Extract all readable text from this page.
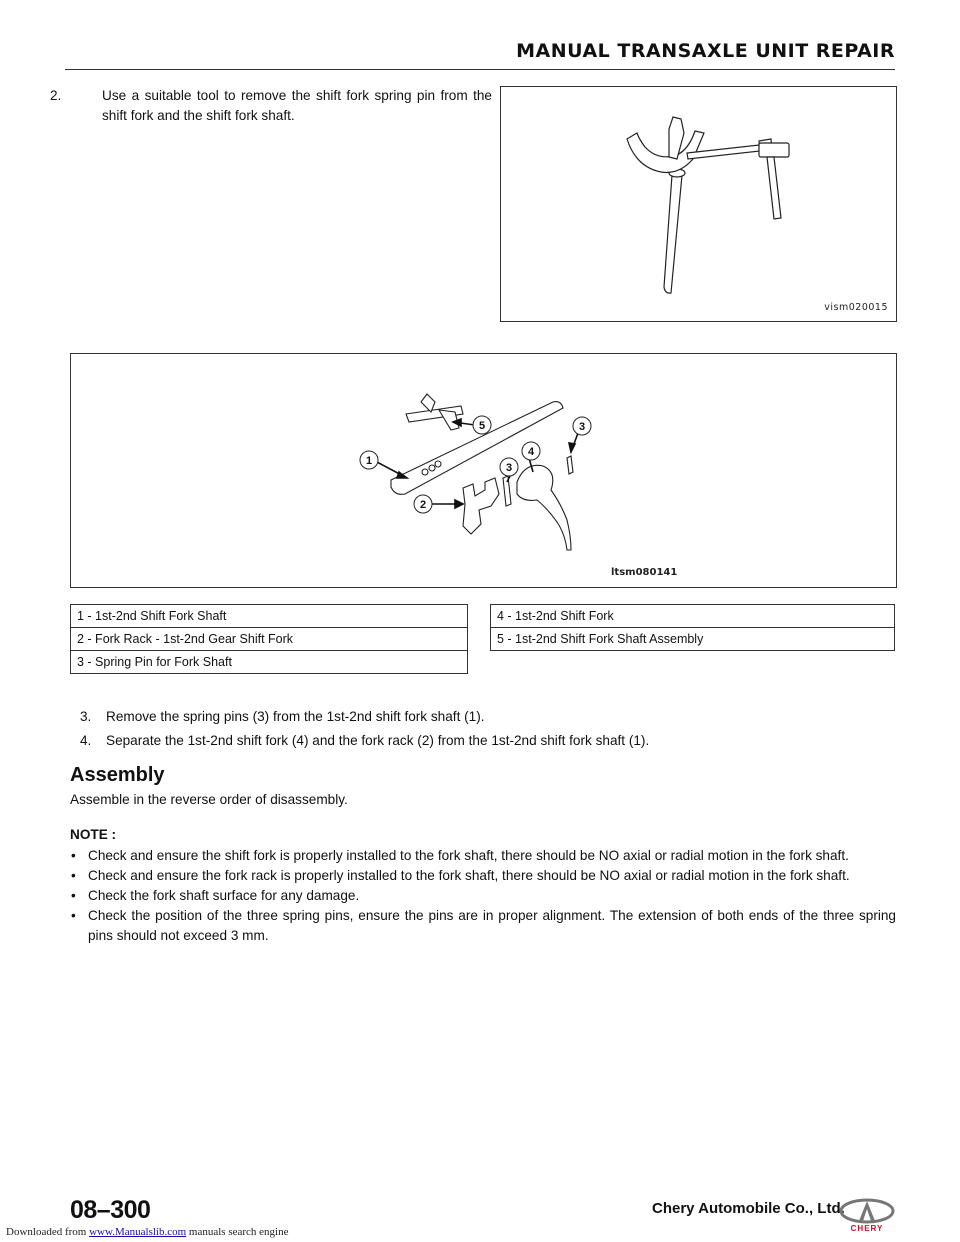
MANUAL TRANSAXLE UNIT REPAIR
2.	Use a suitable tool to remove the shift fork spring pin from the shift fork and the shift fork shaft.
vism020015
1
2
5
3
4
3
ltsm080141
1 - 1st-2nd Shift Fork Shaft
2 - Fork Rack - 1st-2nd Gear Shift Fork
3 - Spring Pin for Fork Shaft
4 - 1st-2nd Shift Fork
5 - 1st-2nd Shift Fork Shaft Assembly
3. Remove the spring pins (3) from the 1st-2nd shift fork shaft (1).
4. Separate the 1st-2nd shift fork (4) and the fork rack (2) from the 1st-2nd shift fork shaft (1).
Assembly
Assemble in the reverse order of disassembly.
NOTE :
• Check and ensure the shift fork is properly installed to the fork shaft, there should be NO axial or radial motion in the fork shaft.
• Check and ensure the fork rack is properly installed to the fork shaft, there should be NO axial or radial motion in the fork shaft.
• Check the fork shaft surface for any damage.
• Check the position of the three spring pins, ensure the pins are in proper alignment. The extension of both ends of the three spring pins should not exceed 3 mm.
08–300	Chery Automobile Co., Ltd.
CHERY
Downloaded from www.Manualslib.com manuals search engine
